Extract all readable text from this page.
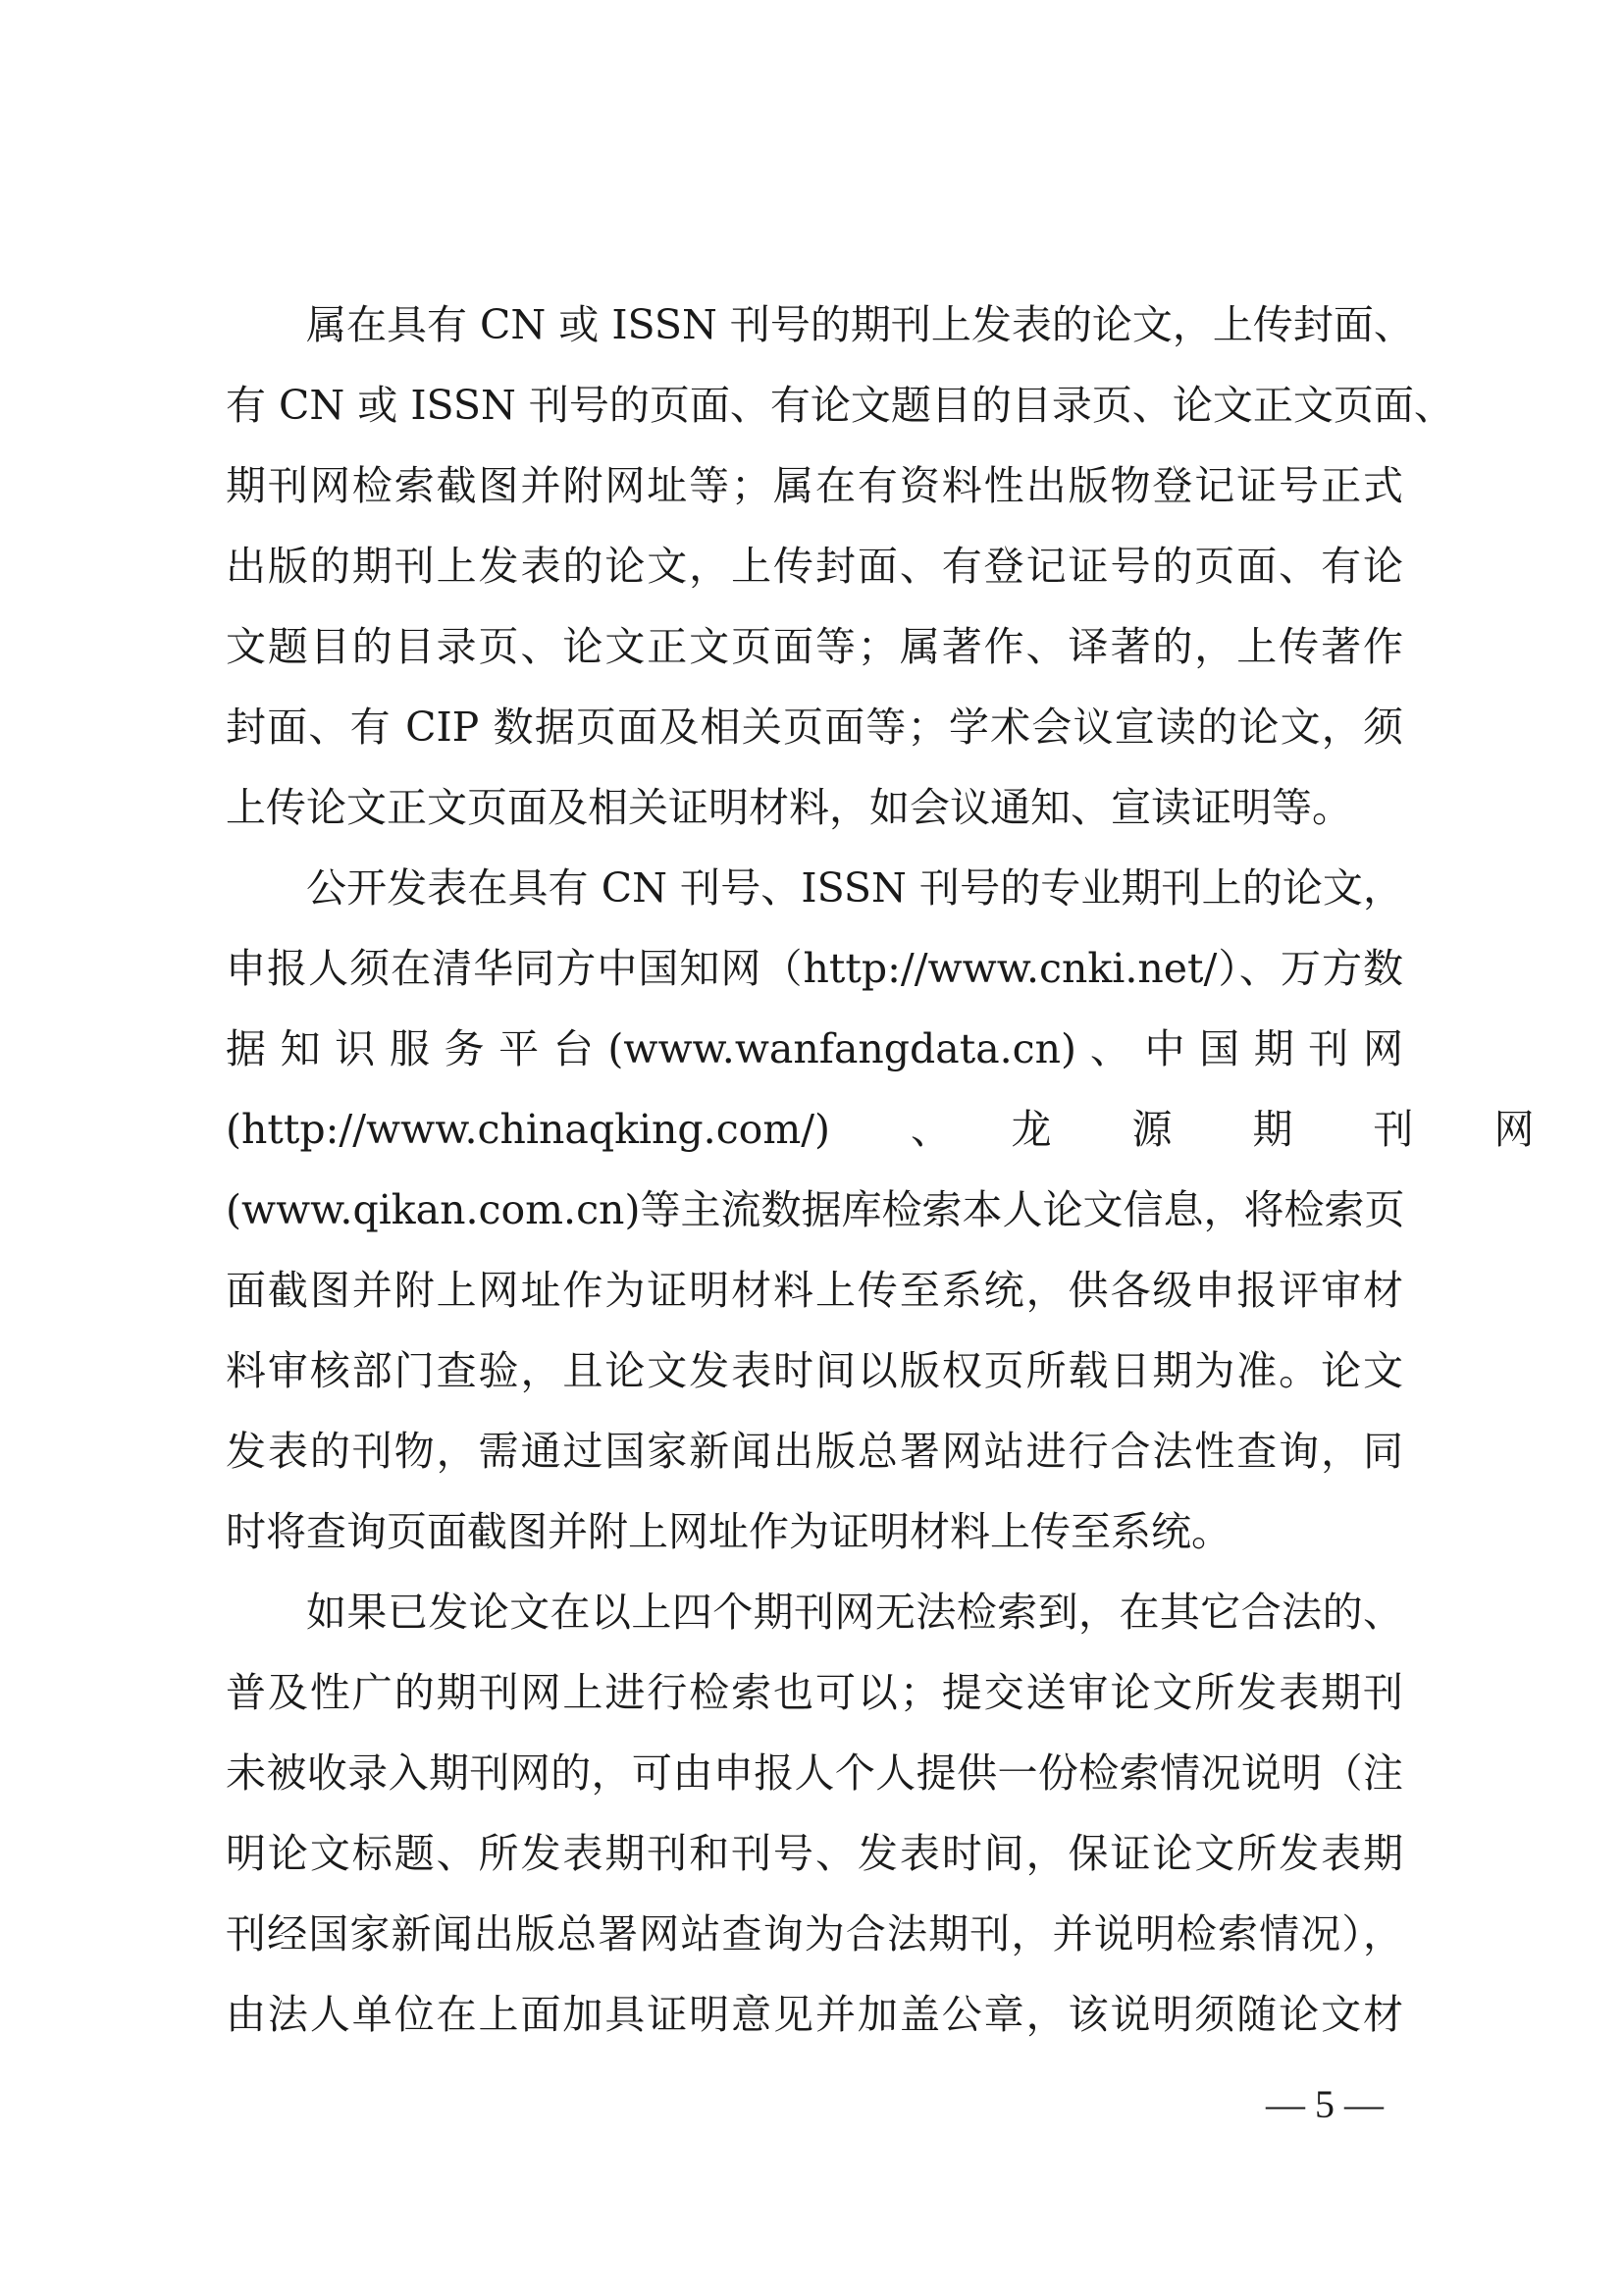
属在具有 CN 或 ISSN 刊号的期刊上发表的论文，上传封面、
有 CN 或 ISSN 刊号的页面、有论文题目的目录页、论文正文页面、
期刊网检索截图并附网址等；属在有资料性出版物登记证号正式
出版的期刊上发表的论文，上传封面、有登记证号的页面、有论
文题目的目录页、论文正文页面等；属著作、译著的，上传著作
封面、有 CIP 数据页面及相关页面等；学术会议宣读的论文，须
上传论文正文页面及相关证明材料，如会议通知、宣读证明等。
公开发表在具有 CN 刊号、ISSN 刊号的专业期刊上的论文，
申报人须在清华同方中国知网（http://www.cnki.net/）、万方数
据 知 识 服 务 平 台 (www.wanfangdata.cn) 、 中 国 期 刊 网
(http://www.chinaqking.com/)　　、　　龙　　源　　期　　刊　　网
(www.qikan.com.cn)等主流数据库检索本人论文信息，将检索页
面截图并附上网址作为证明材料上传至系统，供各级申报评审材
料审核部门查验，且论文发表时间以版权页所载日期为准。论文
发表的刊物，需通过国家新闻出版总署网站进行合法性查询，同
时将查询页面截图并附上网址作为证明材料上传至系统。
如果已发论文在以上四个期刊网无法检索到，在其它合法的、
普及性广的期刊网上进行检索也可以；提交送审论文所发表期刊
未被收录入期刊网的，可由申报人个人提供一份检索情况说明（注
明论文标题、所发表期刊和刊号、发表时间，保证论文所发表期
刊经国家新闻出版总署网站查询为合法期刊，并说明检索情况），
由法人单位在上面加具证明意见并加盖公章，该说明须随论文材
— 5 —
